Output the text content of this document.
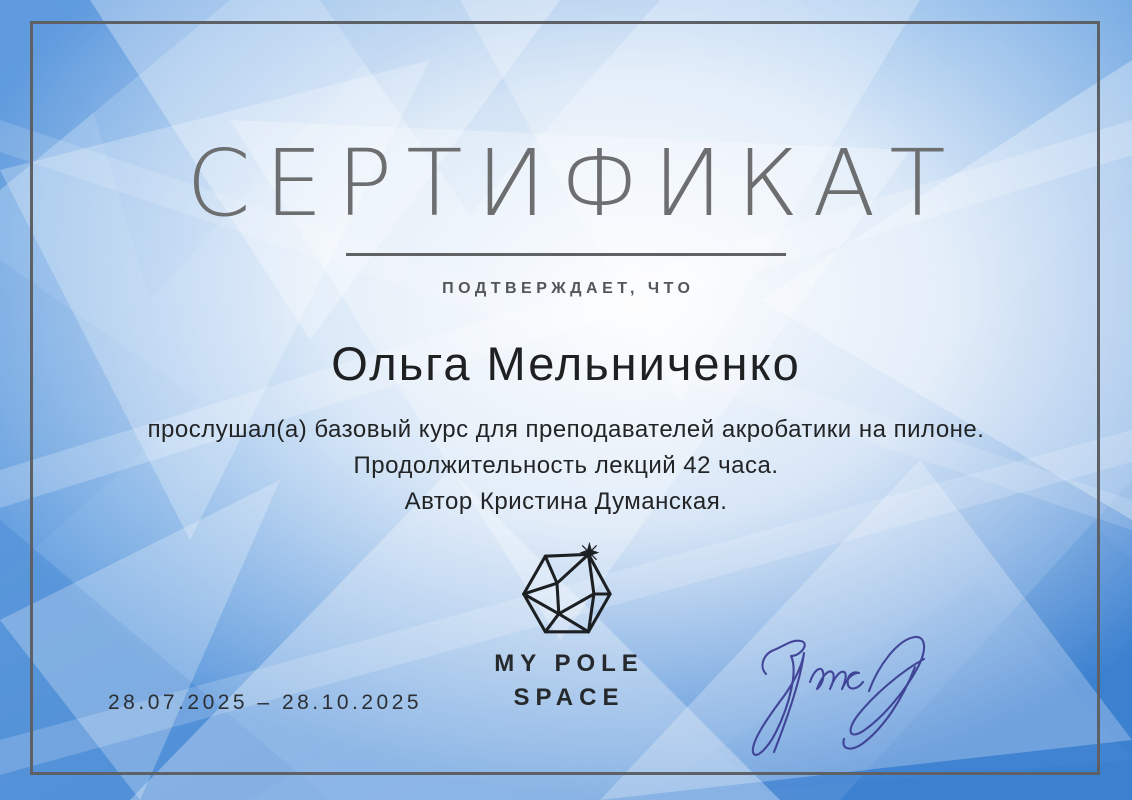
СЕРТИФИКАТ
ПОДТВЕРЖДАЕТ, ЧТО
Ольга Мельниченко
прослушал(а) базовый курс для преподавателей акробатики на пилоне.
Продолжительность лекций 42 часа.
Автор Кристина Думанская.
MY POLE
SPACE
28.07.2025 – 28.10.2025
